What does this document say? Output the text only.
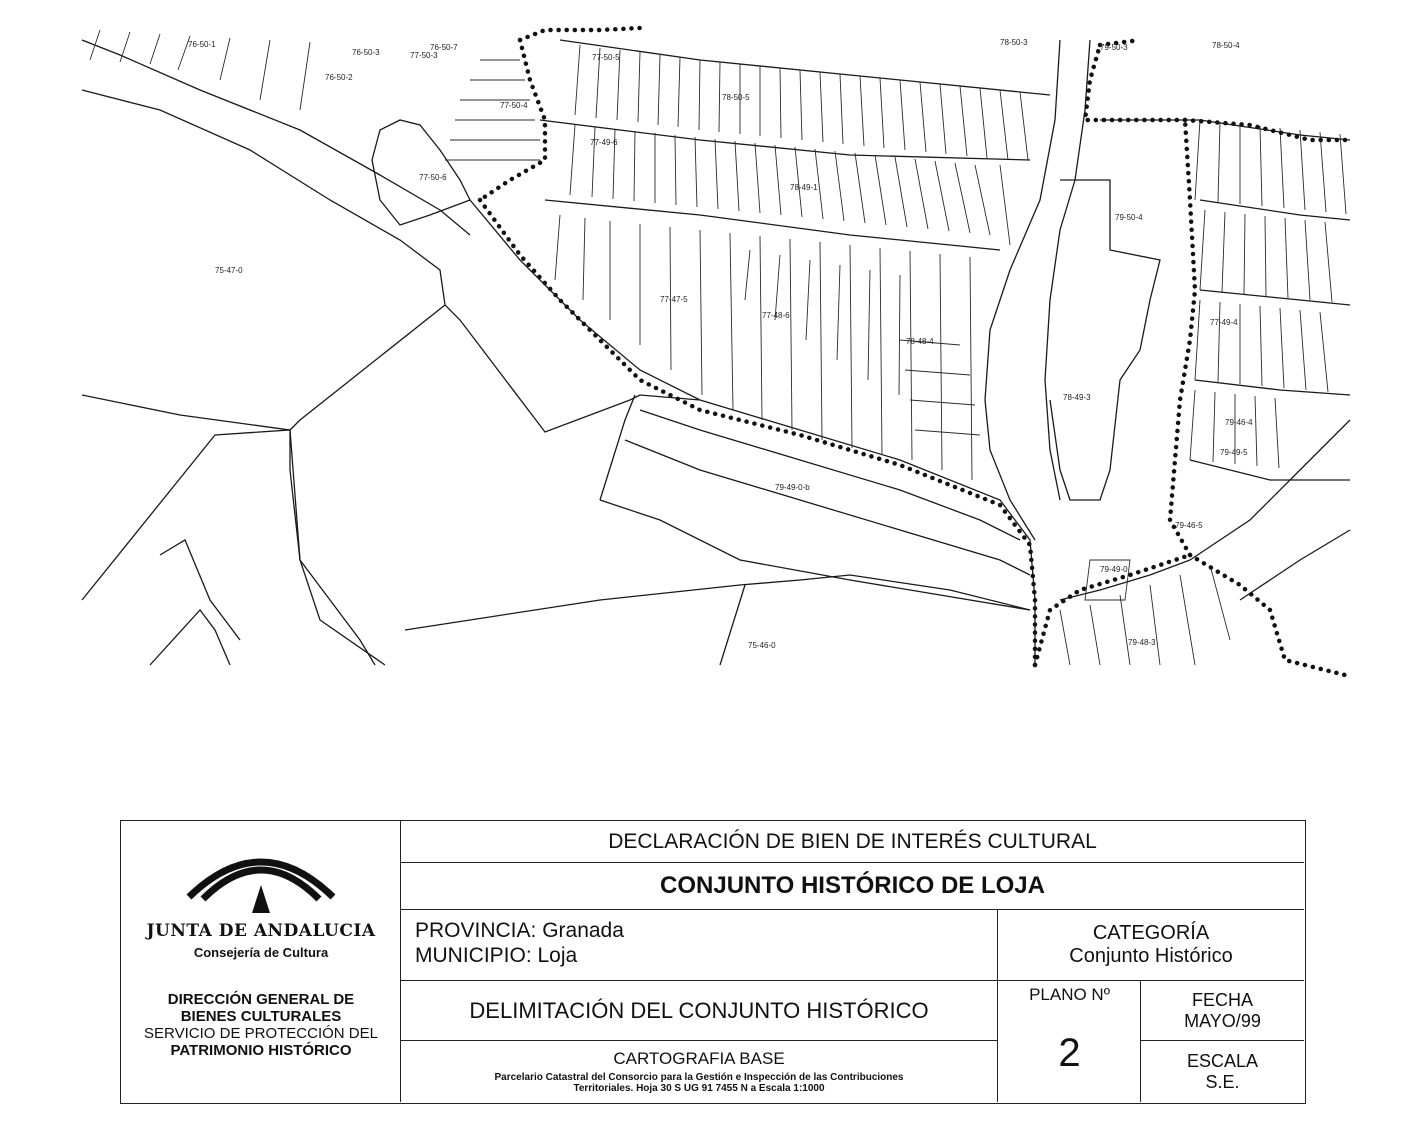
76-50-1
76-50-2
76-50-3	77-50-3
77-50-4
77-50-5
77-50-6
77-49-6
78-49-1
78-50-3	78-50-4
78-50-5
79-50-3
79-50-4
76-50-7
75-47-0
77-47-5
77-48-6
78-48-4
78-49-3
79-49-0
79-49-5
79-48-3
79-46-4
79-46-5
75-46-0
79-49-0-b
77-49-4
JUNTA DE ANDALUCIA
Consejería de Cultura
DIRECCIÓN GENERAL DE
BIENES CULTURALES
SERVICIO DE PROTECCIÓN DEL
PATRIMONIO HISTÓRICO
DECLARACIÓN DE BIEN DE INTERÉS CULTURAL
CONJUNTO HISTÓRICO DE LOJA
PROVINCIA: Granada
MUNICIPIO: Loja
CATEGORÍA
Conjunto Histórico
DELIMITACIÓN DEL CONJUNTO HISTÓRICO
CARTOGRAFIA BASE
Parcelario Catastral del Consorcio para la Gestión e Inspección de las Contribuciones
Territoriales. Hoja 30 S UG 91 7455 N a Escala 1:1000
PLANO Nº
2
FECHA
MAYO/99
ESCALA
S.E.
